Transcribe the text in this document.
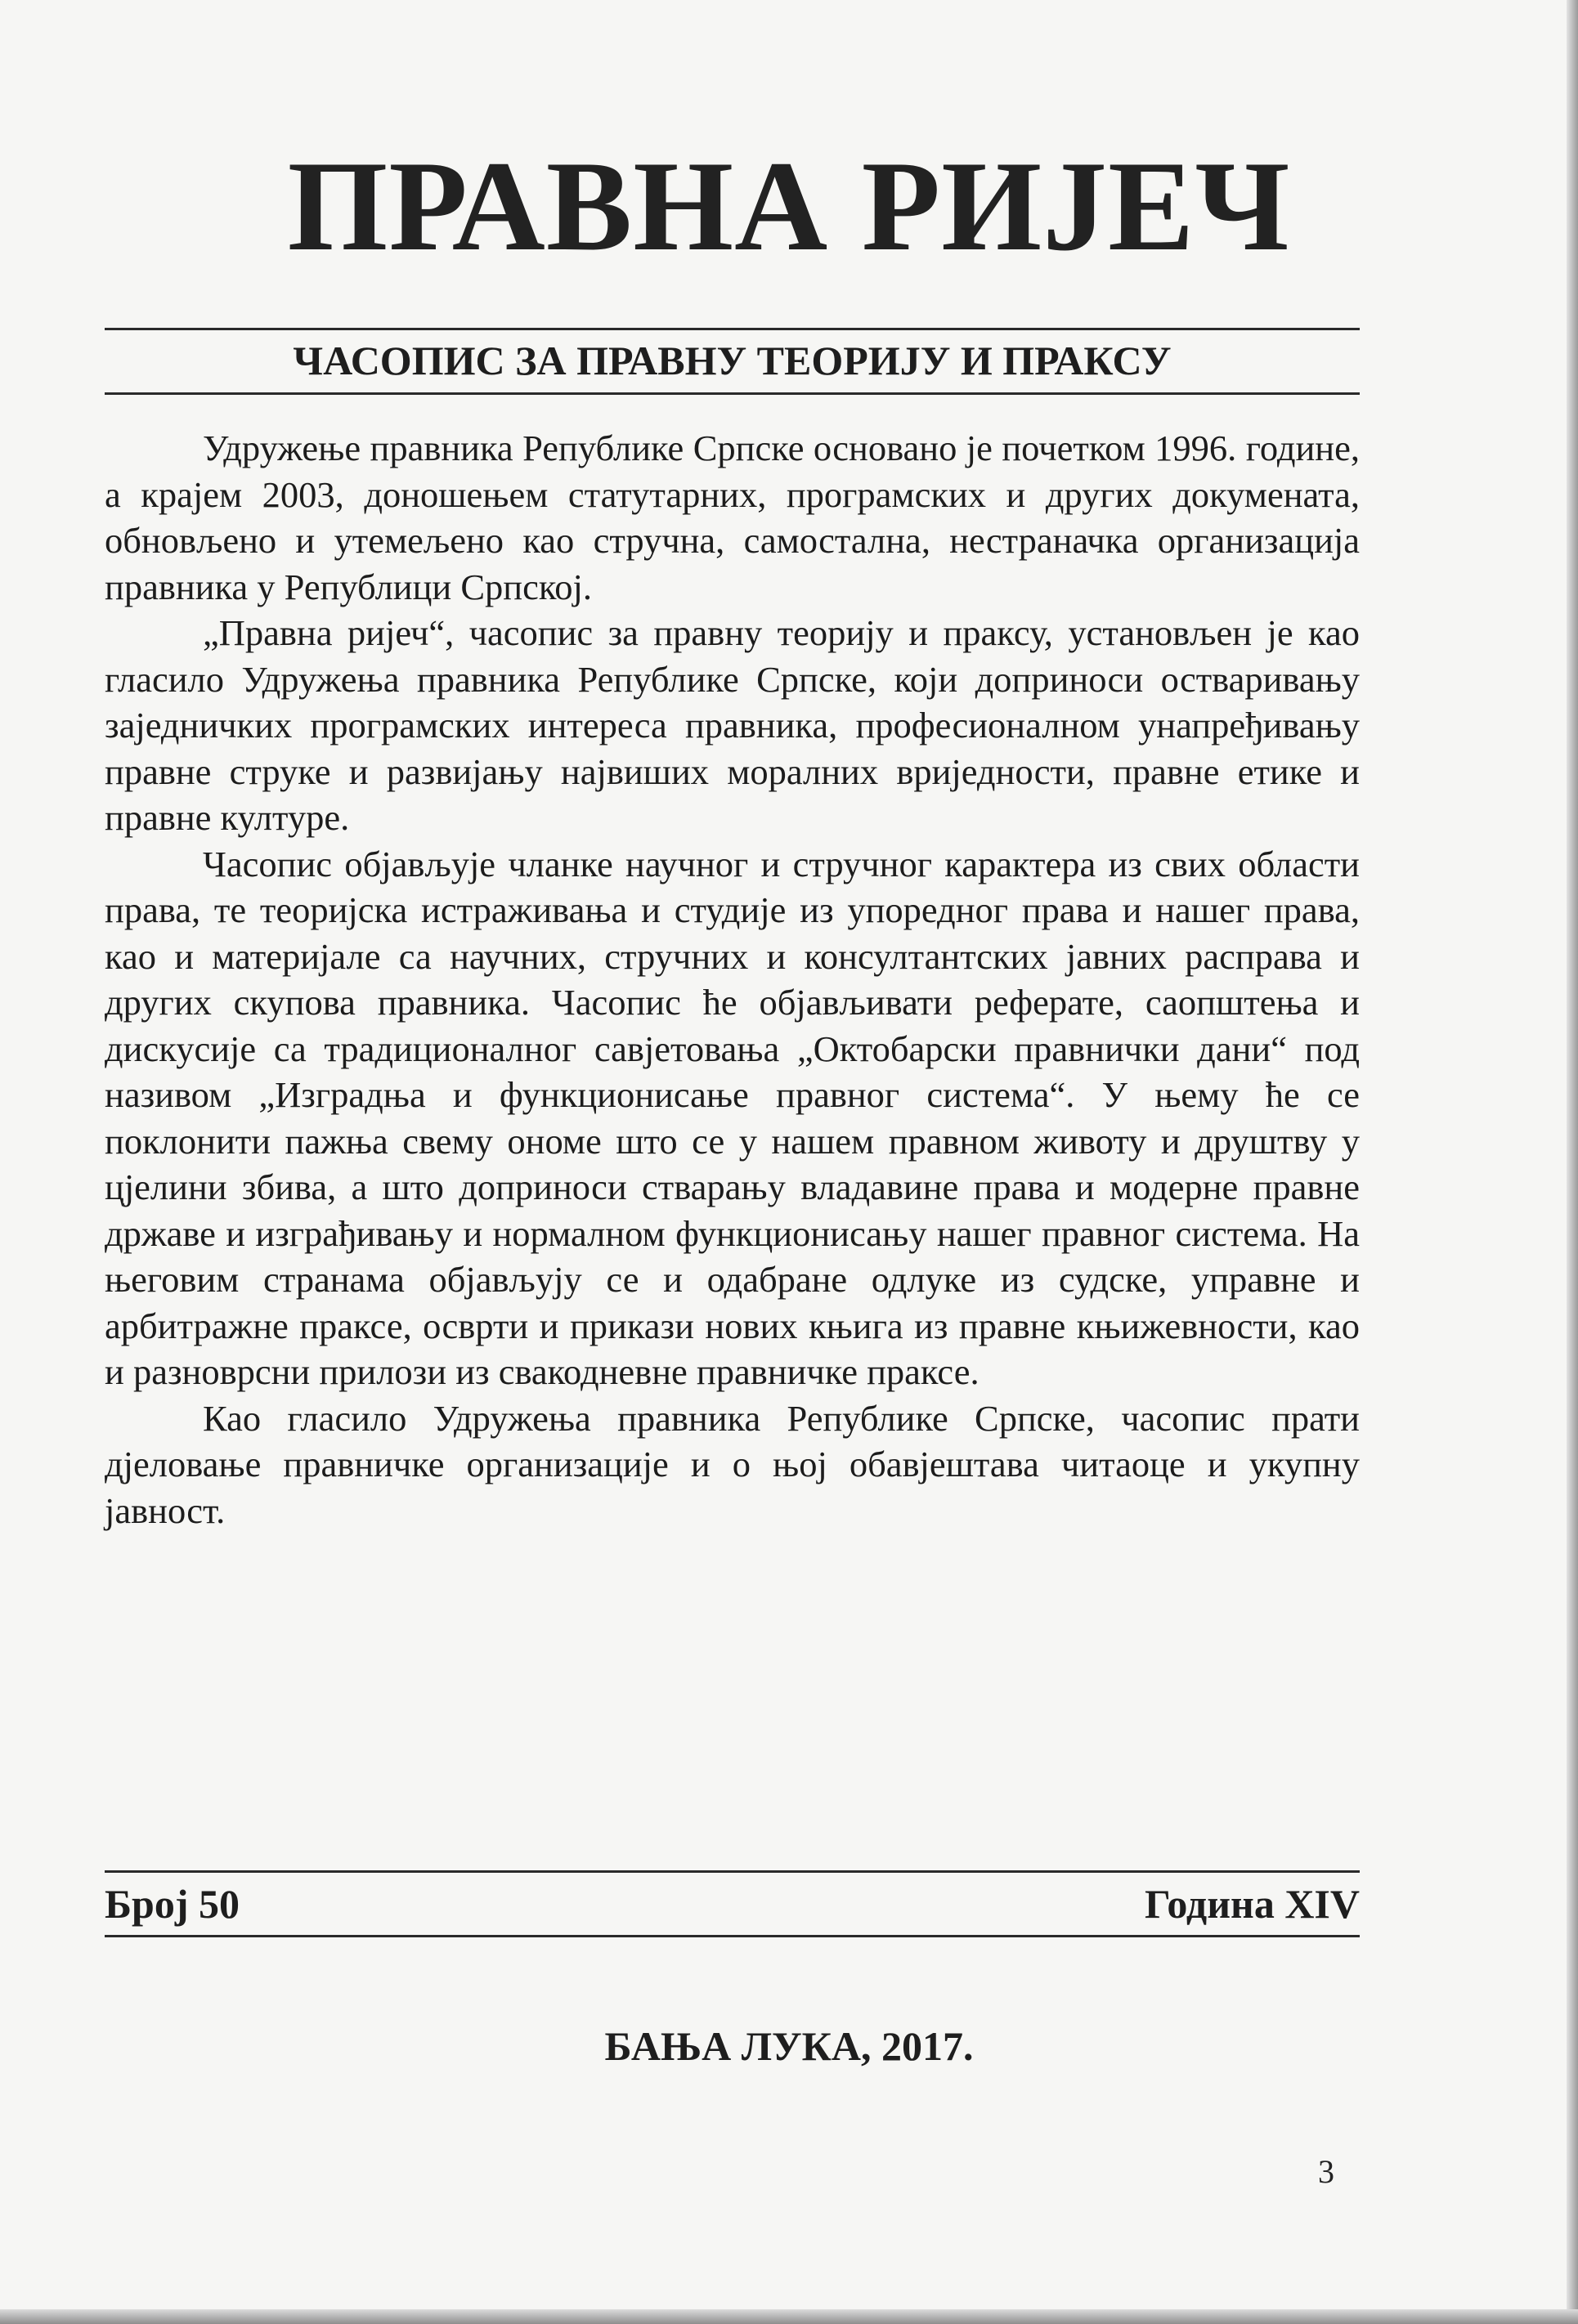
ПРАВНА РИЈЕЧ
ЧАСОПИС ЗА ПРАВНУ ТЕОРИЈУ И ПРАКСУ

Удружење правника Републике Српске основано је почетком 1996. године, а крајем 2003, доношењем статутарних, програмских и других докумената, обновљено и утемељено као стручна, самостална, нестраначка организација правника у Републици Српској.

„Правна ријеч“, часопис за правну теорију и праксу, установљен је као гласило Удружења правника Републике Српске, који доприноси остваривању заједничких програмских интереса правника, професионалном унапређивању правне струке и развијању највиших моралних вриједности, правне етике и правне културе.

Часопис објављује чланке научног и стручног карактера из свих области права, те теоријска истраживања и студије из упоредног права и нашег права, као и материјале са научних, стручних и консултантских јавних расправа и других скупова правника. Часопис ће објављивати реферате, саопштења и дискусије са традиционалног савјетовања „Октобарски правнички дани“ под називом „Изградња и функционисање правног система“. У њему ће се поклонити пажња свему ономе што се у нашем правном животу и друштву у цјелини збива, а што доприноси стварању владавине права и модерне правне државе и изграђивању и нормалном функционисању нашег правног система. На његовим странама објављују се и одабране одлуке из судске, управне и арбитражне праксе, осврти и прикази нових књига из правне књижевности, као и разноврсни прилози из свакодневне правничке праксе.

Као гласило Удружења правника Републике Српске, часопис прати дјеловање правничке организације и о њој обавјештава читаоце и укупну јавност.

Број 50	Година XIV
БАЊА ЛУКА, 2017.
3
